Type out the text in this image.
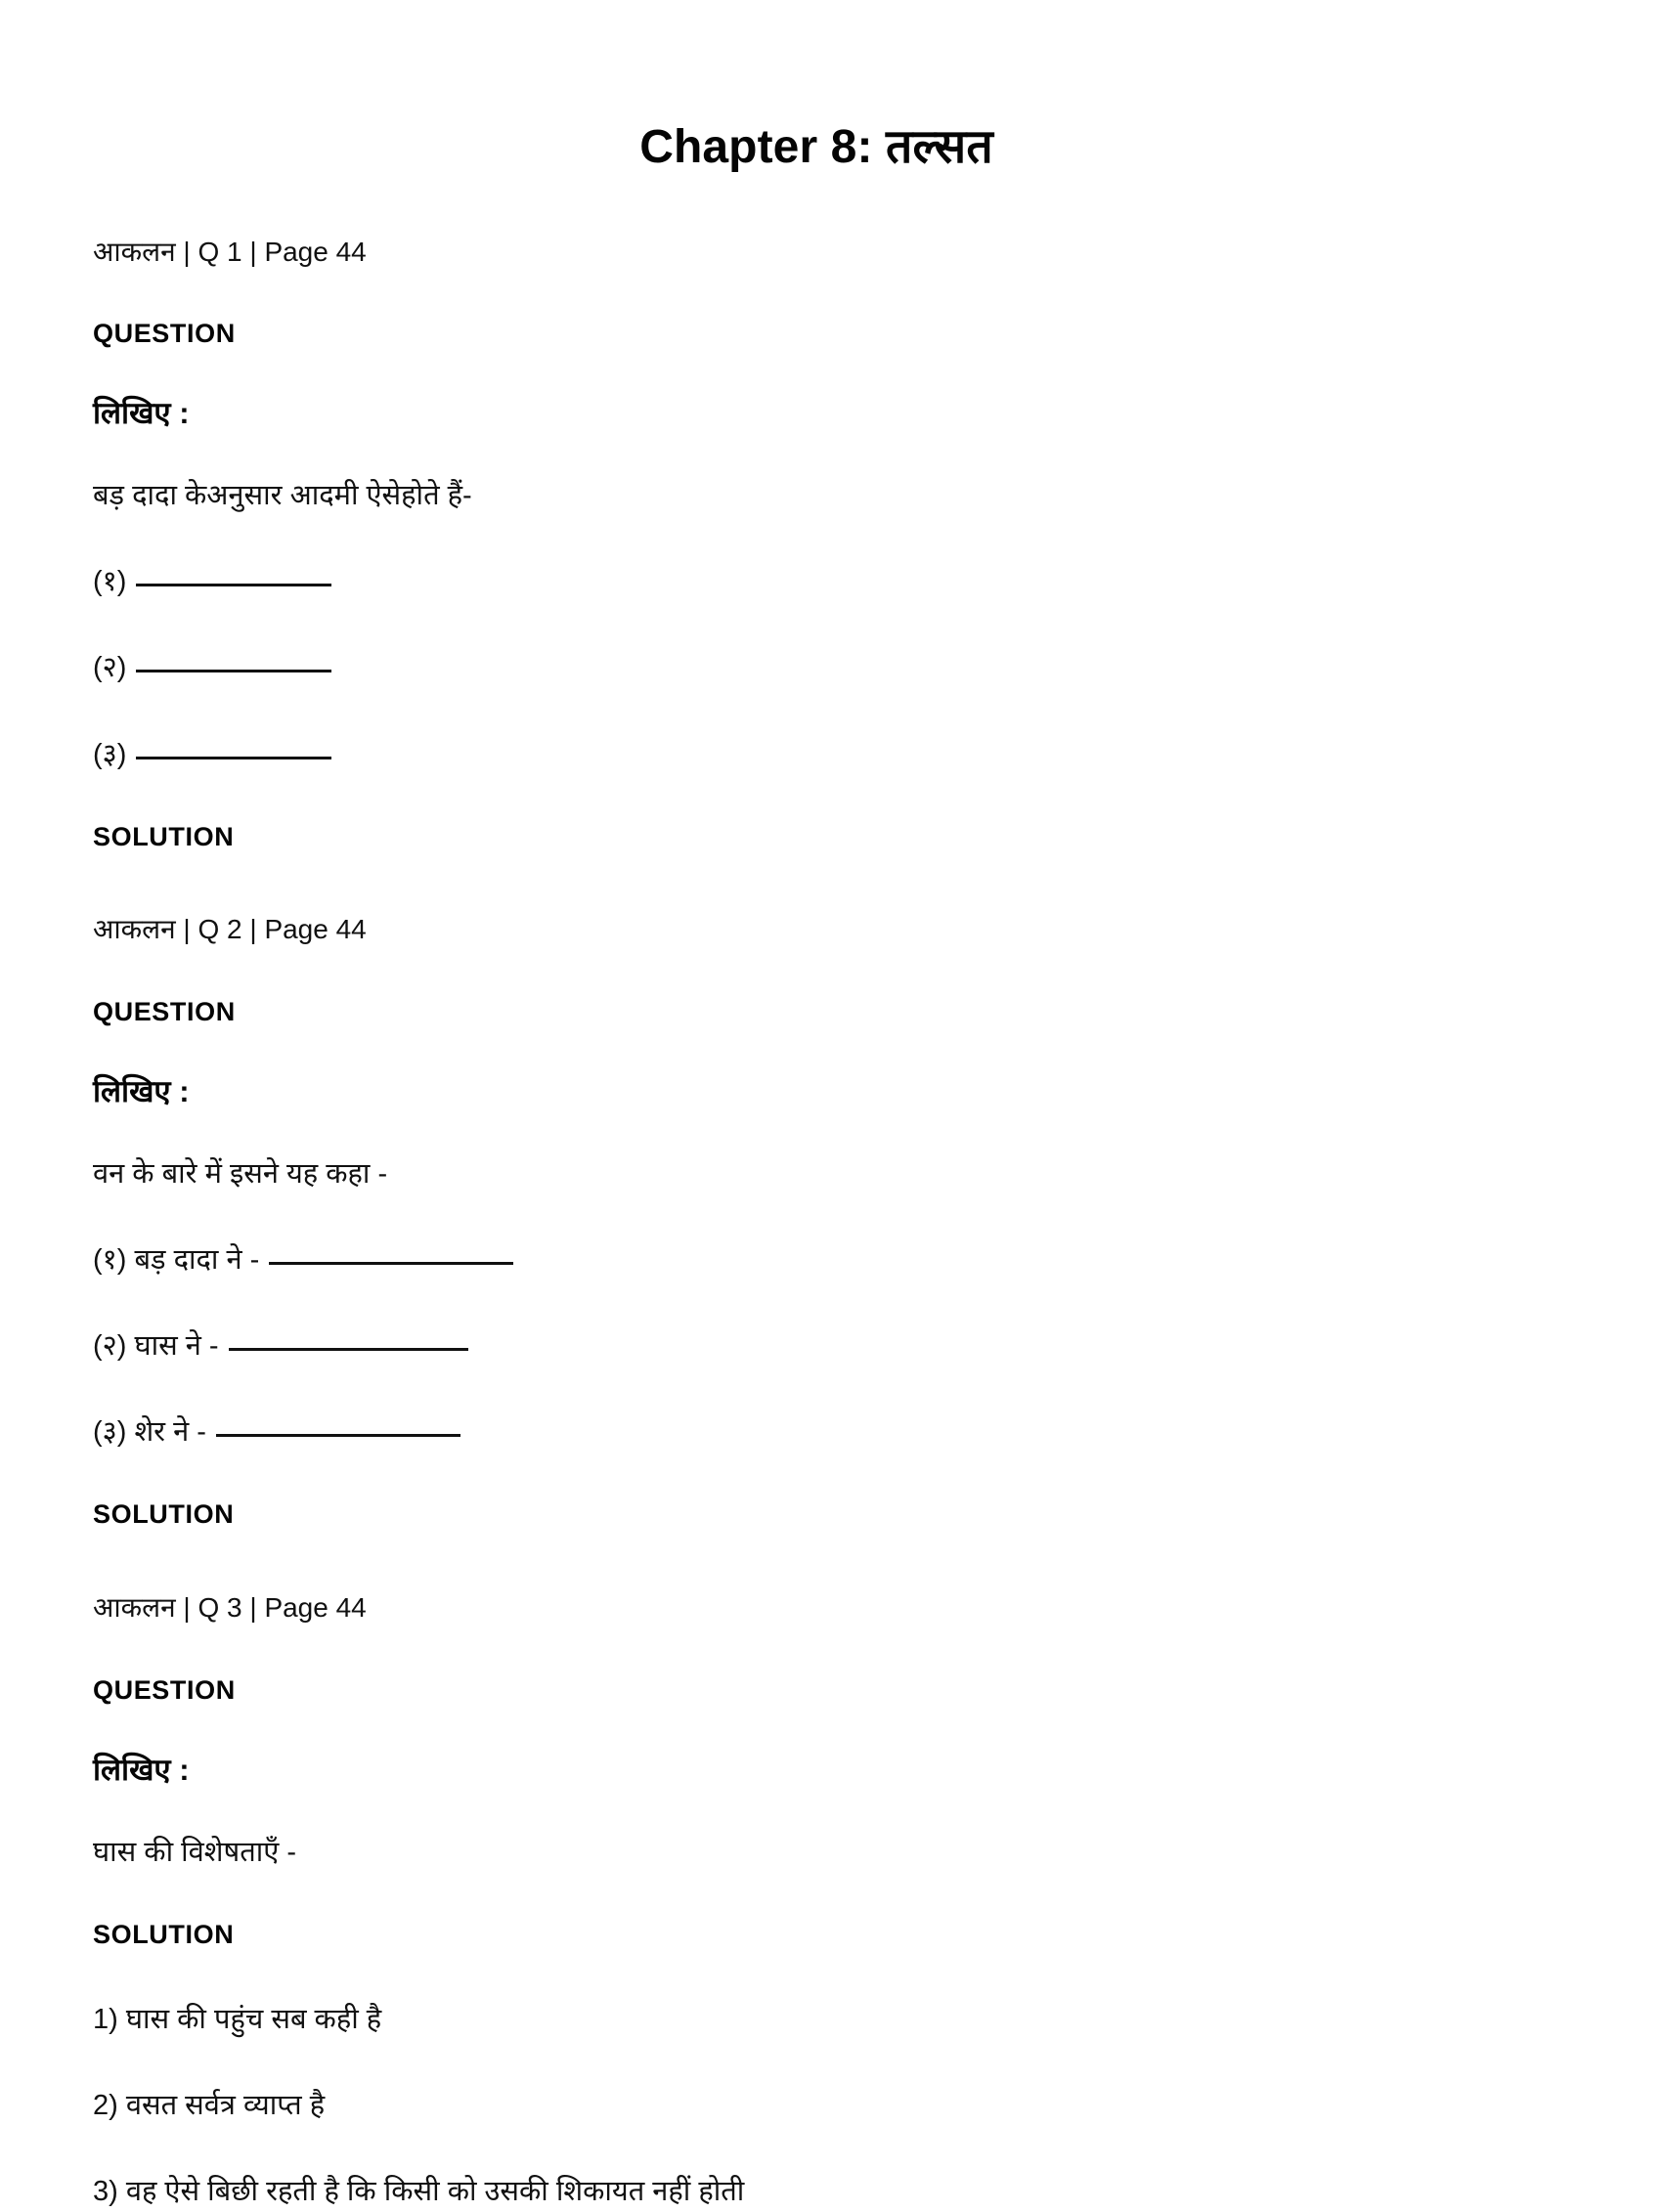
Chapter 8: तल्सत
आकलन | Q 1 | Page 44
QUESTION
लिखिए :
बड़ दादा केअनुसार आदमी ऐसेहोते हैं-
(१)
(२)
(३)
SOLUTION
आकलन | Q 2 | Page 44
QUESTION
लिखिए :
वन के बारे में इसने यह कहा -
(१) बड़ दादा ने -
(२) घास ने -
(३) शेर ने -
SOLUTION
आकलन | Q 3 | Page 44
QUESTION
लिखिए :
घास की विशेषताएँ -
SOLUTION
1) घास की पहुंच सब कही है
2) वसत सर्वत्र व्याप्त है
3) वह ऐसे बिछी रहती है कि किसी को उसकी शिकायत नहीं होती
